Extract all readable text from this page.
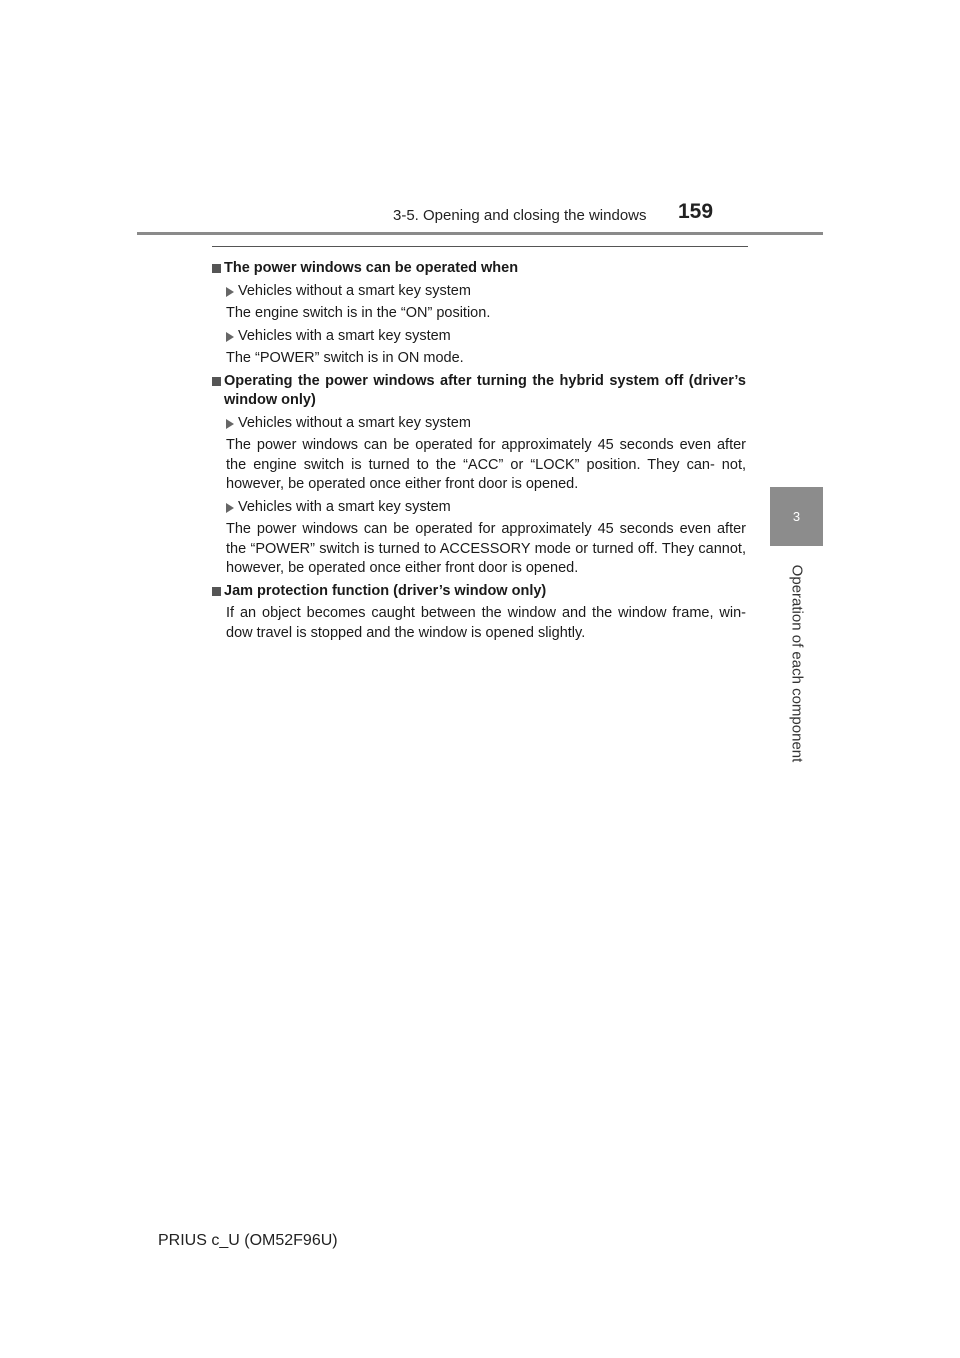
3-5. Opening and closing the windows	159
3
Operation of each component
The power windows can be operated when
Vehicles without a smart key system
The engine switch is in the “ON” position.
Vehicles with a smart key system
The “POWER” switch is in ON mode.
Operating the power windows after turning the hybrid system off (driver’s window only)
Vehicles without a smart key system
The power windows can be operated for approximately 45 seconds even after the engine switch is turned to the “ACC” or “LOCK” position. They can- not, however, be operated once either front door is opened.
Vehicles with a smart key system
The power windows can be operated for approximately 45 seconds even after the “POWER” switch is turned to ACCESSORY mode or turned off. They cannot, however, be operated once either front door is opened.
Jam protection function (driver’s window only)
If an object becomes caught between the window and the window frame, win- dow travel is stopped and the window is opened slightly.
PRIUS c_U (OM52F96U)
